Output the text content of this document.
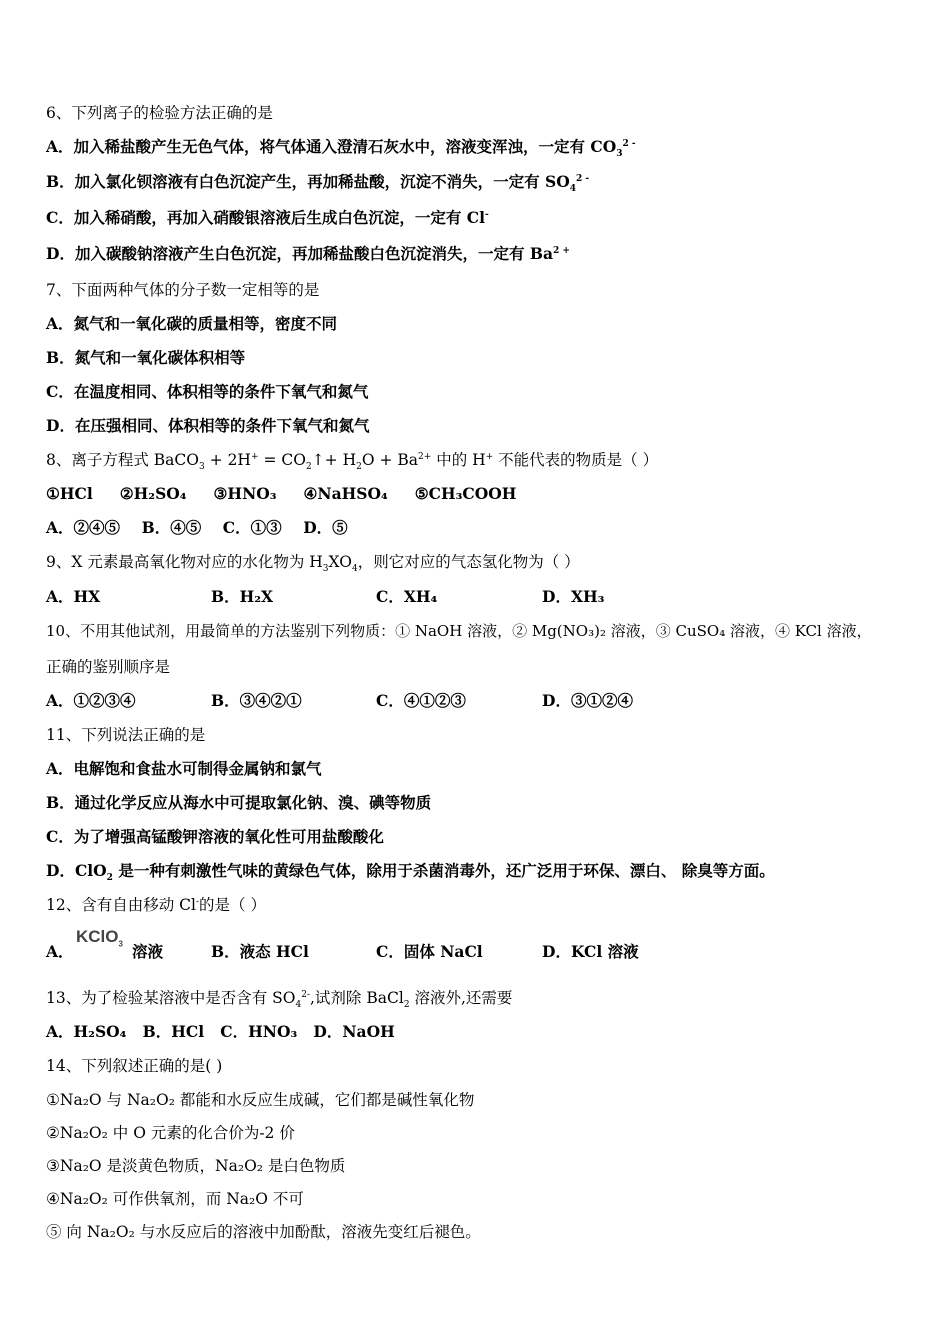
6、下列离子的检验方法正确的是
A．加入稀盐酸产生无色气体，将气体通入澄清石灰水中，溶液变浑浊，一定有 $CO_3^{2 -}$
B．加入氯化钡溶液有白色沉淀产生，再加稀盐酸，沉淀不消失，一定有 $SO_4^{2 -}$
C．加入稀硝酸，再加入硝酸银溶液后生成白色沉淀，一定有 Cl-
D．加入碳酸钠溶液产生白色沉淀，再加稀盐酸白色沉淀消失，一定有 $Ba^{2 +}$
7、下面两种气体的分子数一定相等的是
A．氮气和一氧化碳的质量相等，密度不同
B．氮气和一氧化碳体积相等
C．在温度相同、体积相等的条件下氧气和氮气
D．在压强相同、体积相等的条件下氧气和氮气
8、离子方程式 BaCO$_3$ + $2H^+ = CO_2↑+ H_2O + Ba^{2+}$ 中的 H+ 不能代表的物质是（ ）
①HCl     ②H₂SO₄     ③HNO₃     ④NaHSO₄     ⑤CH₃COOH
A．②④⑤    B．④⑤    C．①③    D．⑤
9、X 元素最高氧化物对应的水化物为 $H_3XO_4$，则它对应的气态氢化物为（ ）
A．HX	B．H₂X	C．XH₄	D．XH₃
10、不用其他试剂，用最简单的方法鉴别下列物质：① NaOH 溶液，② Mg(NO₃)₂ 溶液，③ CuSO₄ 溶液，④ KCl 溶液，
正确的鉴别顺序是
A．①②③④	B．③④②①	C．④①②③	D．③①②④
11、下列说法正确的是
A．电解饱和食盐水可制得金属钠和氯气
B．通过化学反应从海水中可提取氯化钠、溴、碘等物质
C．为了增强高锰酸钾溶液的氧化性可用盐酸酸化
D．ClO$_2$ 是一种有刺激性气味的黄绿色气体，除用于杀菌消毒外，还广泛用于环保、漂白、 除臭等方面。
12、含有自由移动 Cl-的是（ ）
A．
KClO$_3$ 溶液	B．液态 HCl	C．固体 NaCl	D．KCl 溶液
13、为了检验某溶液中是否含有 $SO_4^{2-}$,试剂除 BaCl$_2$ 溶液外,还需要
A．H₂SO₄   B．HCl   C．HNO₃   D．NaOH
14、下列叙述正确的是( )
①Na₂O 与 Na₂O₂ 都能和水反应生成碱，它们都是碱性氧化物
②Na₂O₂ 中 O 元素的化合价为-2 价
③Na₂O 是淡黄色物质，Na₂O₂ 是白色物质
④Na₂O₂ 可作供氧剂，而 Na₂O 不可
⑤ 向 Na₂O₂ 与水反应后的溶液中加酚酞，溶液先变红后褪色。
